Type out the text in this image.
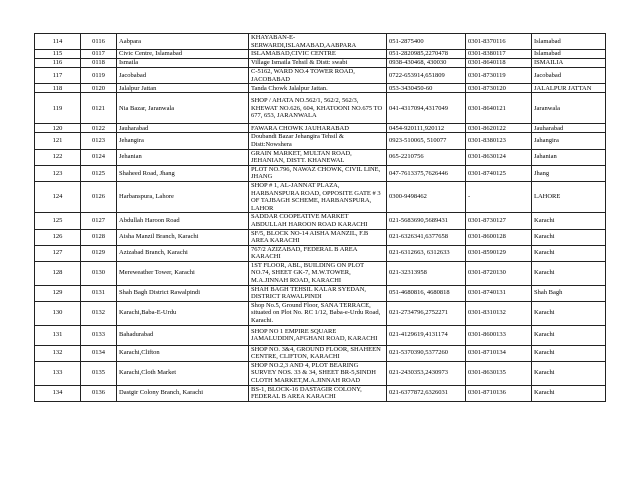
114	0116	Aabpara	KHAYABAN-E-SERWARDI,ISLAMABAD,AABPARA	051-2875400	0301-8370116	Islamabad
115	0117	Civic Centre, Islamabad	ISLAMABAD,CIVIC CENTRE	051-2820985,2270478	0301-8380117	Islamabad
116	0118	Ismaila	Village Ismaila Tehsil & Distt: swabi	0938-430468, 430030	0301-8640118	ISMAILIA
117	0119	Jacobabad	C-5162, WARD NO.4 TOWER ROAD, JACOBABAD	0722-653914,651809	0301-8730119	Jacobabad
118	0120	Jalalpur Jattan	Tanda Chowk Jalalpur Jattan.	053-3430450-60	0301-8730120	JALALPUR JATTAN
119	0121	Nia Bazar, Jaranwala	SHOP / AHATA NO.562/1, 562/2, 562/3, KHEWAT NO.626, 604, KHATOONI NO.675 TO 677, 653, JARANWALA	041-4317094,4317049	0301-8640121	Jaranwala
120	0122	Jauharabad	FAWARA CHOWK JAUHARABAD	0454-920111,920112	0301-8620122	Jauharabad
121	0123	Jehangira	Doubandi Bazar Jehangira Tehsil & Distt:Nowshera	0923-510065, 510077	0301-8380123	Jahangira
122	0124	Jehanian	GRAIN MARKET, MULTAN ROAD, JEHANIAN, DISTT. KHANEWAL	065-2210756	0301-8630124	Jahanian
123	0125	Shaheed Road, Jhang	PLOT NO.796, NAWAZ CHOWK, CIVIL LINE, JHANG	047-7613375,7626446	0301-8740125	Jhang
124	0126	Harbanspura, Lahore	SHOP # 1, AL-JANNAT PLAZA, HARBANSPURA ROAD, OPPOSITE GATE # 3 OF TAJBAGH SCHEME, HARBANSPURA, LAHOR	0300-9498462	-	LAHORE
125	0127	Abdullah Haroon Road	SADDAR COOPEATIVE MARKET ABDULLAH HAROON ROAD KARACHI	021-5683690,5689431	0301-8730127	Karachi
126	0128	Aisha Manzil Branch, Karachi	SF/5, BLOCK NO-14 AISHA MANZIL, F.B AREA KARACHI	021-6326341,6377658	0301-8600128	Karachi
127	0129	Azizabad Branch, Karachi	767/2 AZIZABAD, FEDERAL B AREA KARACHI	021-6312663, 6312633	0301-8590129	Karachi
128	0130	Mereweather Tower, Karachi	1ST FLOOR, ABL, BUILDING ON PLOT NO.74, SHEET GK-7, M.W.TOWER, M.A.JINNAH ROAD, KARACHI	021-32313958	0301-8720130	Karachi
129	0131	Shah Bagh District Rawalpindi	SHAH BAGH TEHSIL KALAR SYEDAN, DISTRICT RAWALPINDI	051-4680816, 4680818	0301-8740131	Shah Bagh
130	0132	Karachi,Baba-E-Urdu	Shop No.5, Ground Floor, SANA TERRACE, situated on Plot No. RC 1/12, Baba-e-Urdu Road, Karachi.	021-2734796,2752271	0301-8310132	Karachi
131	0133	Bahadurabad	SHOP NO 1 EMPIRE SQUARE JAMALUDDIN,AFGHANI ROAD, KARACHI	021-4129619,4131174	0301-8600133	Karachi
132	0134	Karachi,Clifton	SHOP NO. 3&4, GROUND FLOOR, SHAHEEN CENTRE, CLIFTON, KARACHI	021-5370390,5377260	0301-8710134	Karachi
133	0135	Karachi,Cloth Market	SHOP NO.2,3 AND 4, PLOT BEARING SURVEY NOS. 33 & 34, SHEET BR-5,SINDH CLOTH MARKET,M.A.JINNAH ROAD	021-2430353,2430973	0301-8630135	Karachi
134	0136	Dastgir Colony Branch, Karachi	BS-1, BLOCK-16 DASTAGIR COLONY, FEDERAL B AREA KARACHI	021-6377872,6326031	0301-8710136	Karachi
